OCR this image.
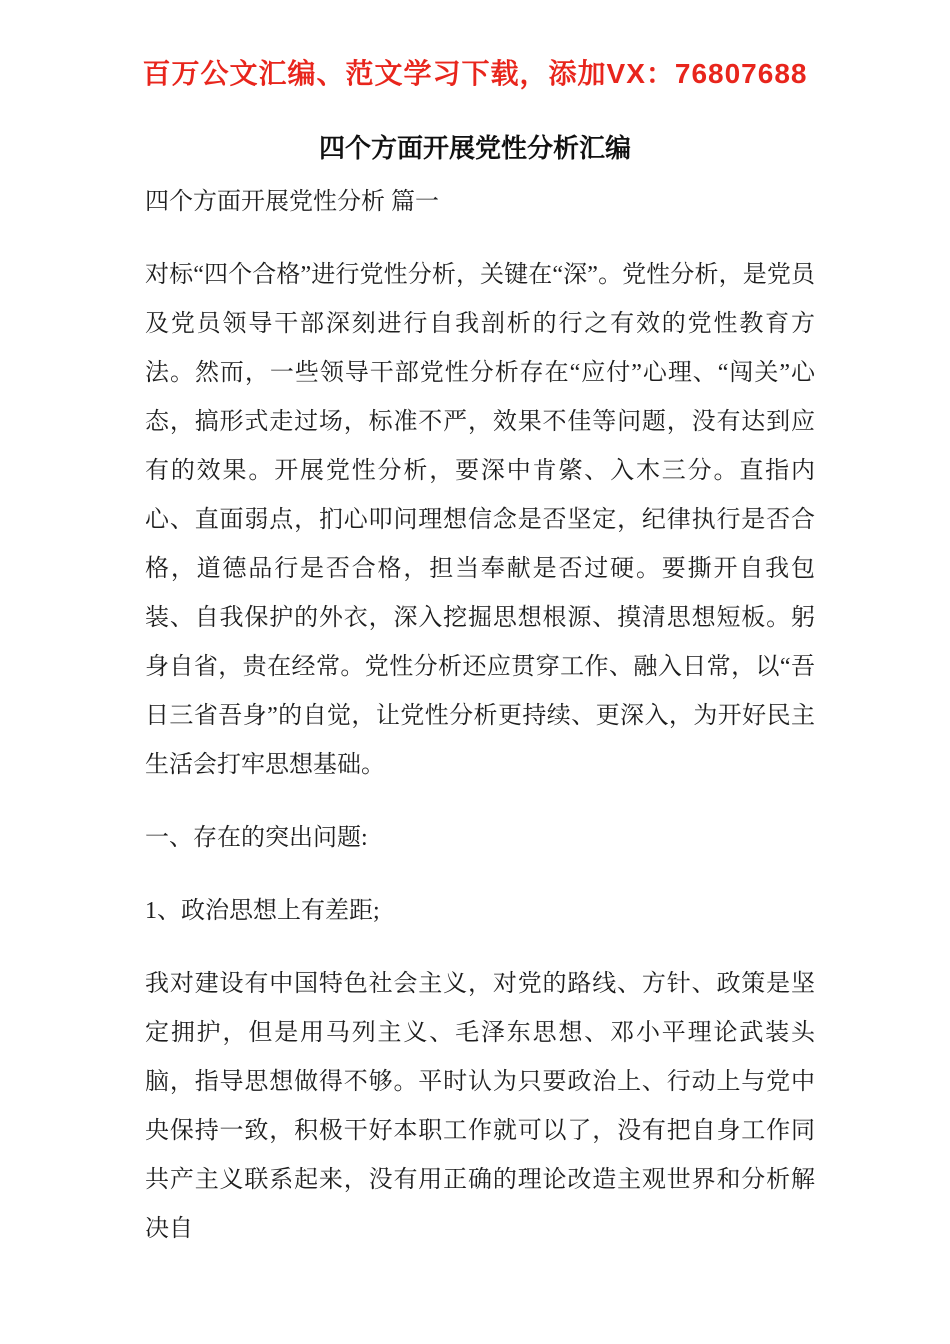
百万公文汇编、范文学习下载，添加VX：76807688
四个方面开展党性分析汇编
四个方面开展党性分析 篇一

对标“四个合格”进行党性分析，关键在“深”。党性分析，是党员及党员领导干部深刻进行自我剖析的行之有效的党性教育方法。然而，一些领导干部党性分析存在“应付”心理、“闯关”心态，搞形式走过场，标准不严，效果不佳等问题，没有达到应有的效果。开展党性分析，要深中肯綮、入木三分。直指内心、直面弱点，扪心叩问理想信念是否坚定，纪律执行是否合格，道德品行是否合格，担当奉献是否过硬。要撕开自我包装、自我保护的外衣，深入挖掘思想根源、摸清思想短板。躬身自省，贵在经常。党性分析还应贯穿工作、融入日常，以“吾日三省吾身”的自觉，让党性分析更持续、更深入，为开好民主生活会打牢思想基础。

一、存在的突出问题:

1、政治思想上有差距;

我对建设有中国特色社会主义，对党的路线、方针、政策是坚定拥护，但是用马列主义、毛泽东思想、邓小平理论武装头脑，指导思想做得不够。平时认为只要政治上、行动上与党中央保持一致，积极干好本职工作就可以了，没有把自身工作同共产主义联系起来，没有用正确的理论改造主观世界和分析解决自
